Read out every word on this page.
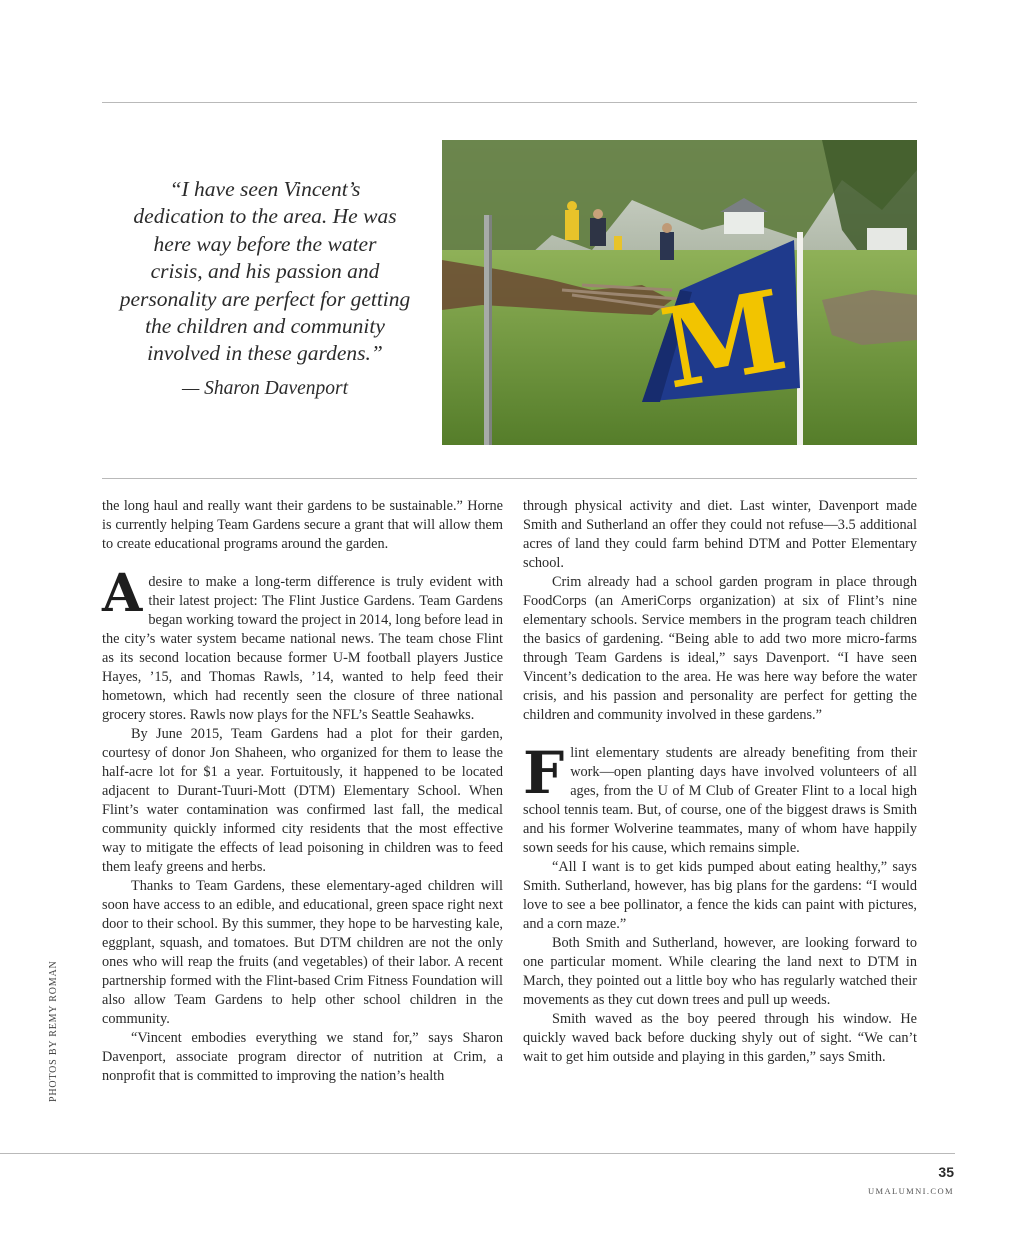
“I have seen Vincent’s
dedication to the area. He was
here way before the water
crisis, and his passion and
personality are perfect for getting
the children and community
involved in these gardens.”
— Sharon Davenport	M

the long haul and really want their gardens to be sustainable.” Horne is currently helping Team Gardens secure a grant that will allow them to create educational programs around the garden.

A desire to make a long-term difference is truly evident with their latest project: The Flint Justice Gardens. Team Gardens began working toward the project in 2014, long before lead in the city’s water system became national news. The team chose Flint as its second location because former U-M football players Justice Hayes, ’15, and Thomas Rawls, ’14, wanted to help feed their hometown, which had recently seen the closure of three national grocery stores. Rawls now plays for the NFL’s Seattle Seahawks.

By June 2015, Team Gardens had a plot for their garden, courtesy of donor Jon Shaheen, who organized for them to lease the half-acre lot for $1 a year. Fortuitously, it happened to be located adjacent to Durant-Tuuri-Mott (DTM) Elementary School. When Flint’s water contamination was confirmed last fall, the medical community quickly informed city residents that the most effective way to mitigate the effects of lead poisoning in children was to feed them leafy greens and herbs.

Thanks to Team Gardens, these elementary-aged children will soon have access to an edible, and educational, green space right next door to their school. By this summer, they hope to be harvesting kale, eggplant, squash, and tomatoes. But DTM children are not the only ones who will reap the fruits (and vegetables) of their labor. A recent partnership formed with the Flint-based Crim Fitness Foundation will also allow Team Gardens to help other school children in the community.

“Vincent embodies everything we stand for,” says Sharon Davenport, associate program director of nutrition at Crim, a nonprofit that is committed to improving the nation’s health

through physical activity and diet. Last winter, Davenport made Smith and Sutherland an offer they could not refuse—3.5 additional acres of land they could farm behind DTM and Potter Elementary school.

Crim already had a school garden program in place through FoodCorps (an AmeriCorps organization) at six of Flint’s nine elementary schools. Service members in the program teach children the basics of gardening. “Being able to add two more micro-farms through Team Gardens is ideal,” says Davenport. “I have seen Vincent’s dedication to the area. He was here way before the water crisis, and his passion and personality are perfect for getting the children and community involved in these gardens.”

Flint elementary students are already benefiting from their work—open planting days have involved volunteers of all ages, from the U of M Club of Greater Flint to a local high school tennis team. But, of course, one of the biggest draws is Smith and his former Wolverine teammates, many of whom have happily sown seeds for his cause, which remains simple.

“All I want is to get kids pumped about eating healthy,” says Smith. Sutherland, however, has big plans for the gardens: “I would love to see a bee pollinator, a fence the kids can paint with pictures, and a corn maze.”

Both Smith and Sutherland, however, are looking forward to one particular moment. While clearing the land next to DTM in March, they pointed out a little boy who has regularly watched their movements as they cut down trees and pull up weeds.

Smith waved as the boy peered through his window. He quickly waved back before ducking shyly out of sight. “We can’t wait to get him outside and playing in this garden,” says Smith.

PHOTOS BY REMY ROMAN
35
UMALUMNI.COM
